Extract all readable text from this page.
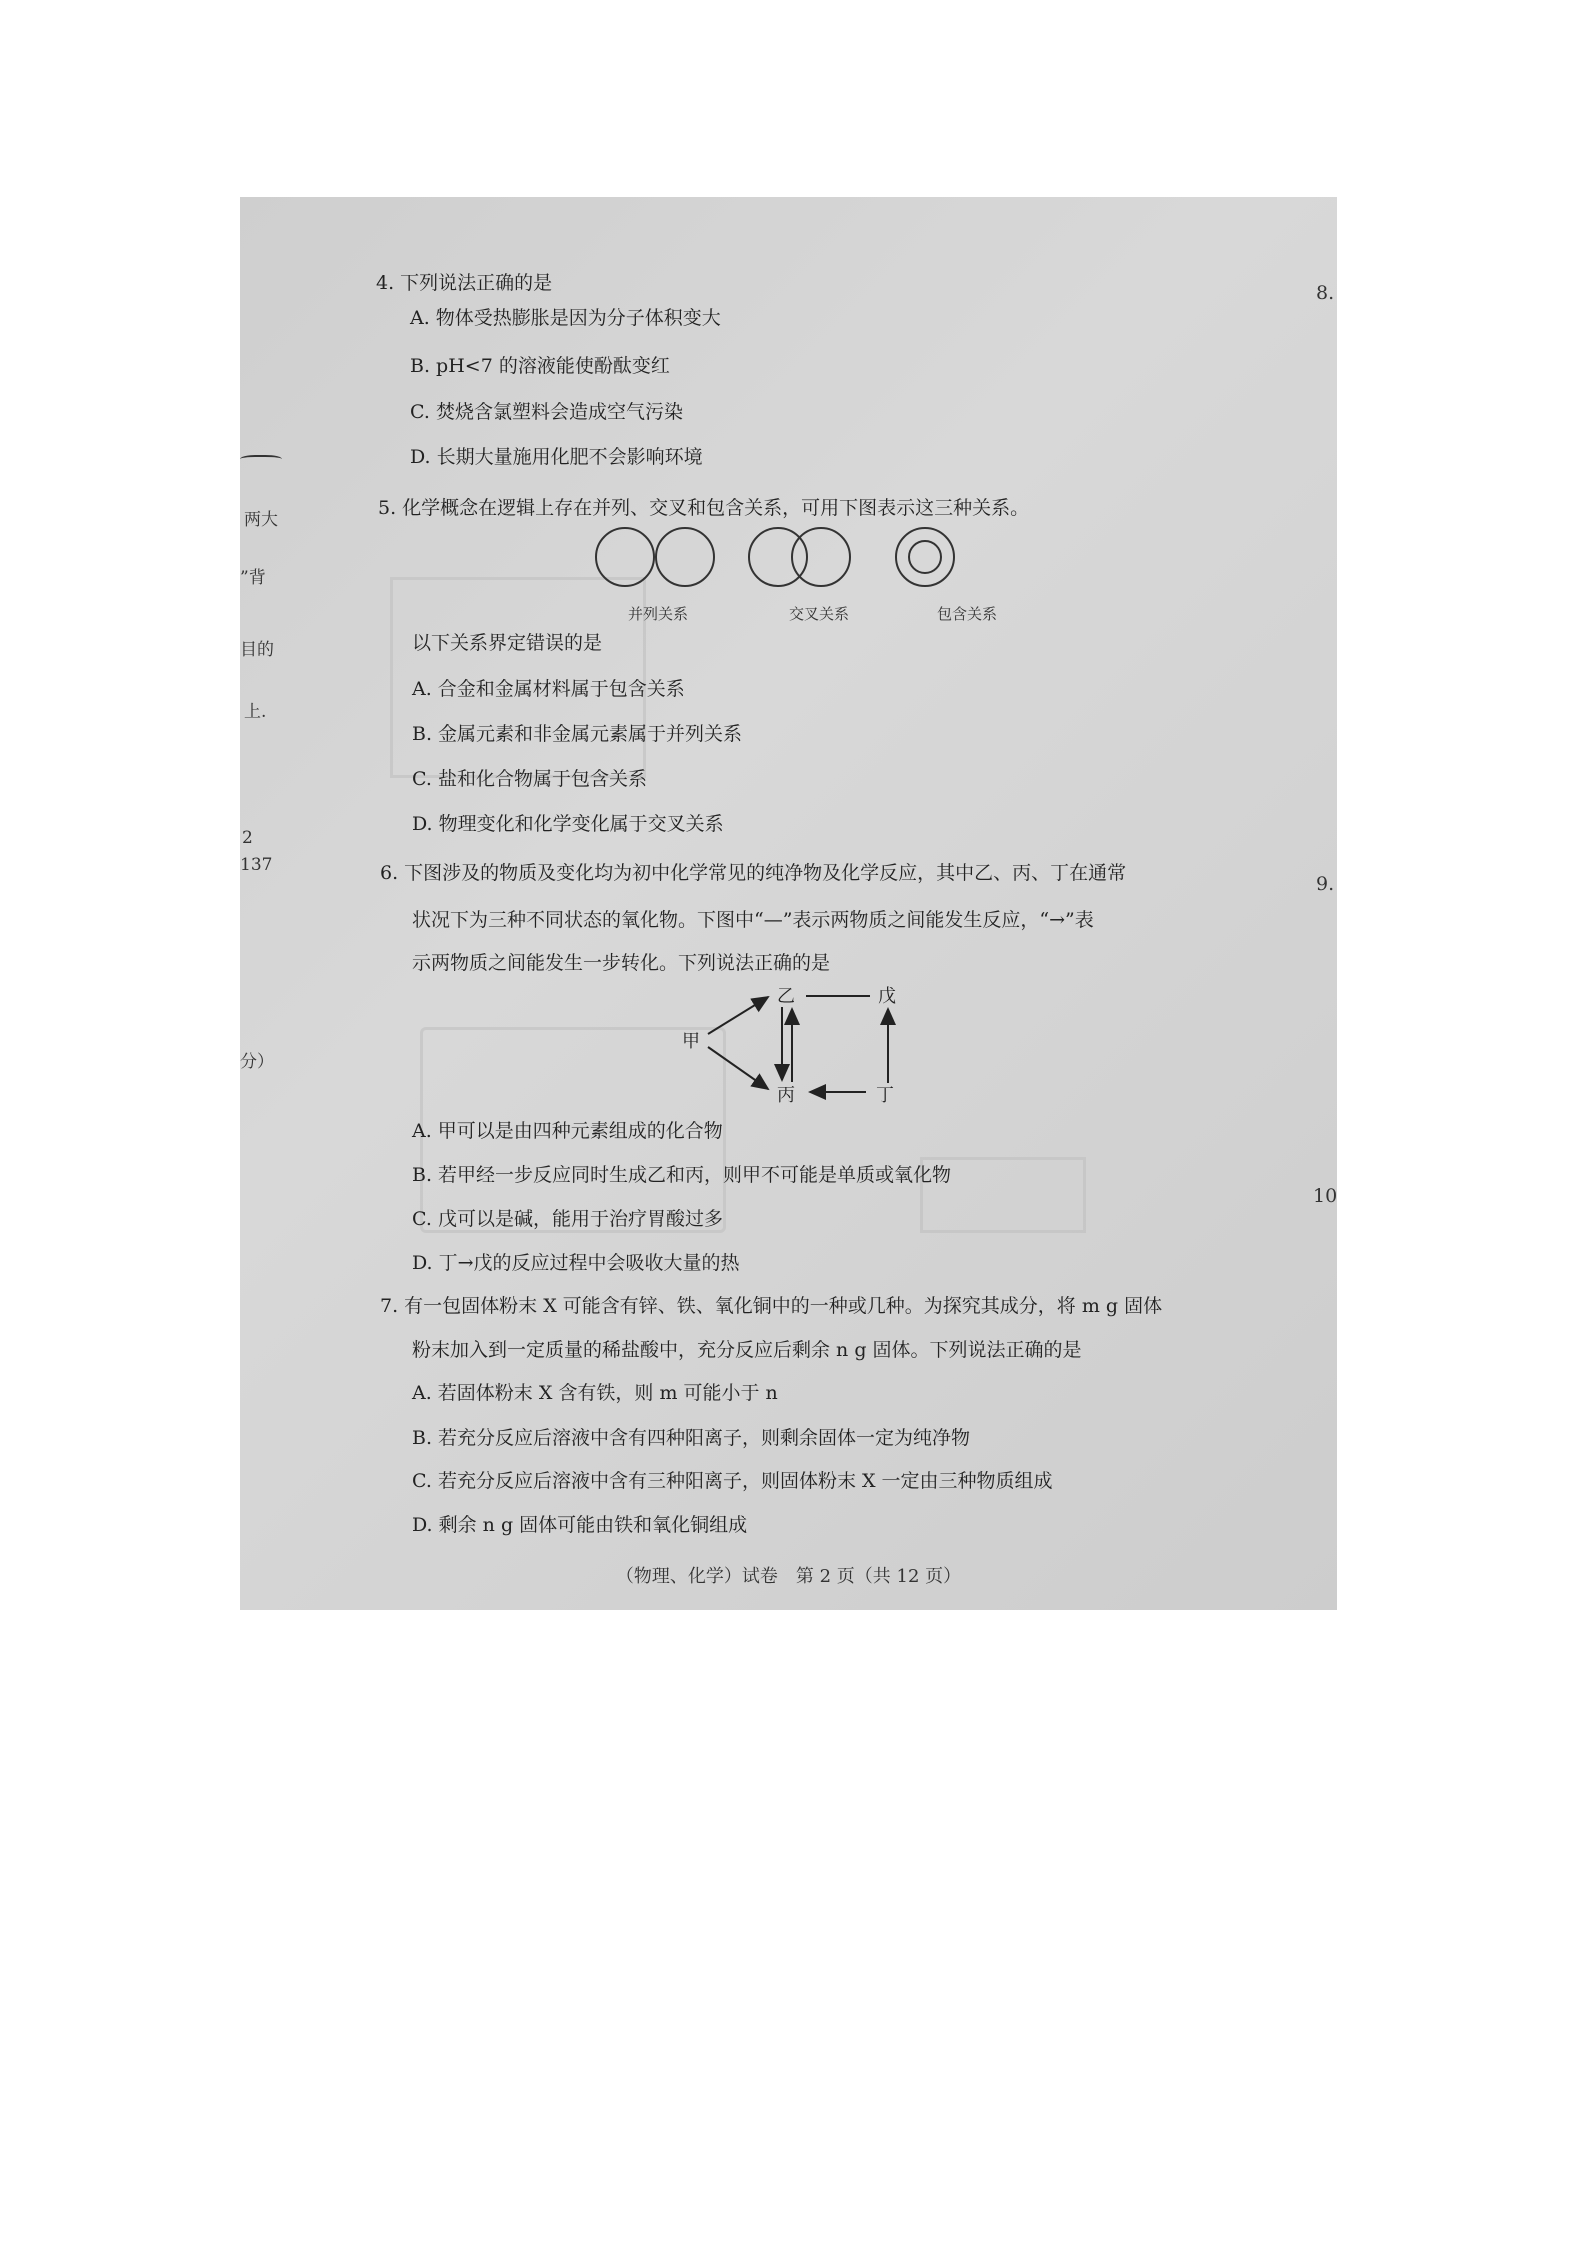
两大
”背
目的
上.
2
137
分）
8.
9.
10
4. 下列说法正确的是
A. 物体受热膨胀是因为分子体积变大
B. pH<7 的溶液能使酚酞变红
C. 焚烧含氯塑料会造成空气污染
D. 长期大量施用化肥不会影响环境
5. 化学概念在逻辑上存在并列、交叉和包含关系，可用下图表示这三种关系。
并列关系	交叉关系	包含关系
以下关系界定错误的是
A. 合金和金属材料属于包含关系
B. 金属元素和非金属元素属于并列关系
C. 盐和化合物属于包含关系
D. 物理变化和化学变化属于交叉关系
6. 下图涉及的物质及变化均为初中化学常见的纯净物及化学反应，其中乙、丙、丁在通常
状况下为三种不同状态的氧化物。下图中“—”表示两物质之间能发生反应，“→”表
示两物质之间能发生一步转化。下列说法正确的是
甲
乙
丙	丁
戊
A. 甲可以是由四种元素组成的化合物
B. 若甲经一步反应同时生成乙和丙，则甲不可能是单质或氧化物
C. 戊可以是碱，能用于治疗胃酸过多
D. 丁→戊的反应过程中会吸收大量的热
7. 有一包固体粉末 X 可能含有锌、铁、氧化铜中的一种或几种。为探究其成分，将 m g 固体
粉末加入到一定质量的稀盐酸中，充分反应后剩余 n g 固体。下列说法正确的是
A. 若固体粉末 X 含有铁，则 m 可能小于 n
B. 若充分反应后溶液中含有四种阳离子，则剩余固体一定为纯净物
C. 若充分反应后溶液中含有三种阳离子，则固体粉末 X 一定由三种物质组成
D. 剩余 n g 固体可能由铁和氧化铜组成
（物理、化学）试卷　第 2 页（共 12 页）
